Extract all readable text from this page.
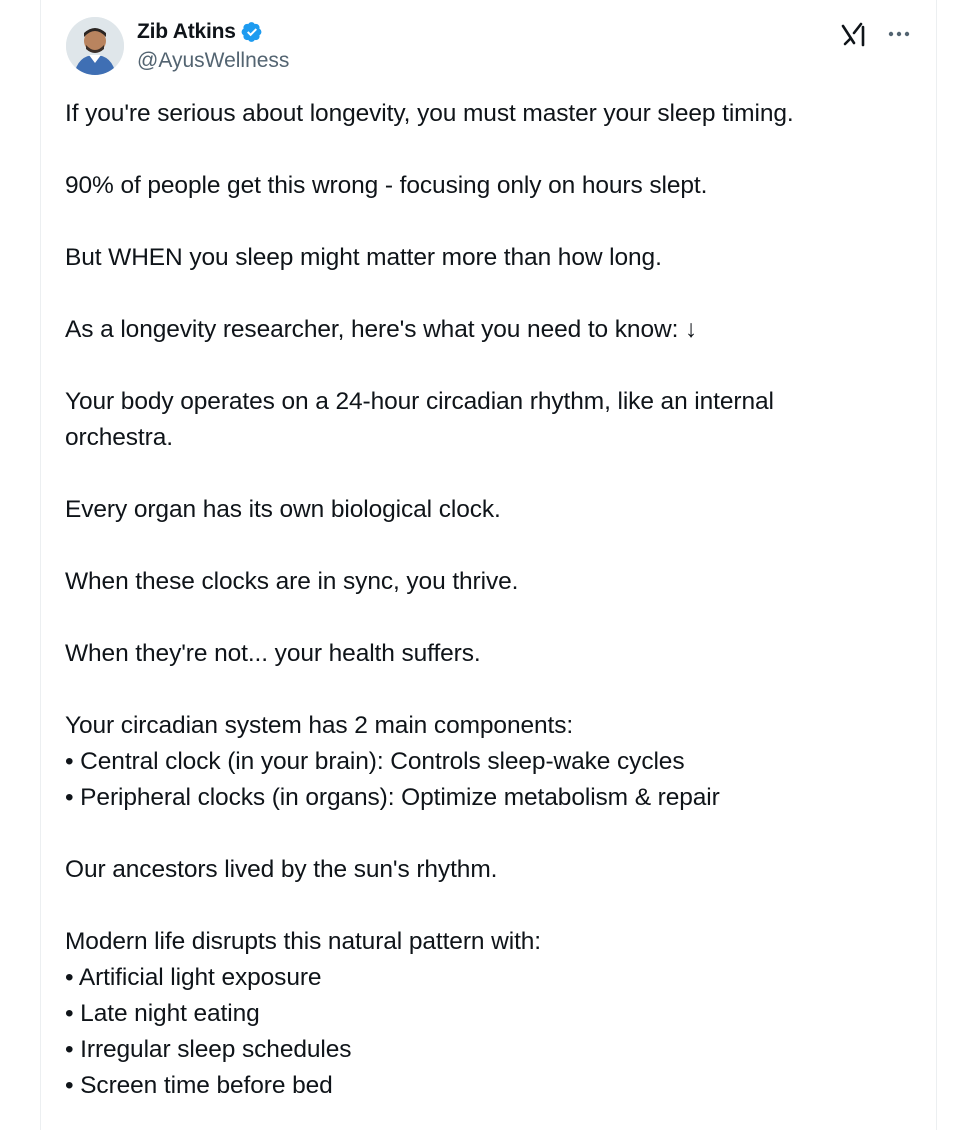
Zib Atkins
@AyusWellness
If you're serious about longevity, you must master your sleep timing.
90% of people get this wrong - focusing only on hours slept.
But WHEN you sleep might matter more than how long.
As a longevity researcher, here's what you need to know: ↓
Your body operates on a 24-hour circadian rhythm, like an internal
orchestra.
Every organ has its own biological clock.
When these clocks are in sync, you thrive.
When they're not... your health suffers.
Your circadian system has 2 main components:
• Central clock (in your brain): Controls sleep-wake cycles
• Peripheral clocks (in organs): Optimize metabolism & repair
Our ancestors lived by the sun's rhythm.
Modern life disrupts this natural pattern with:
• Artificial light exposure
• Late night eating
• Irregular sleep schedules
• Screen time before bed
